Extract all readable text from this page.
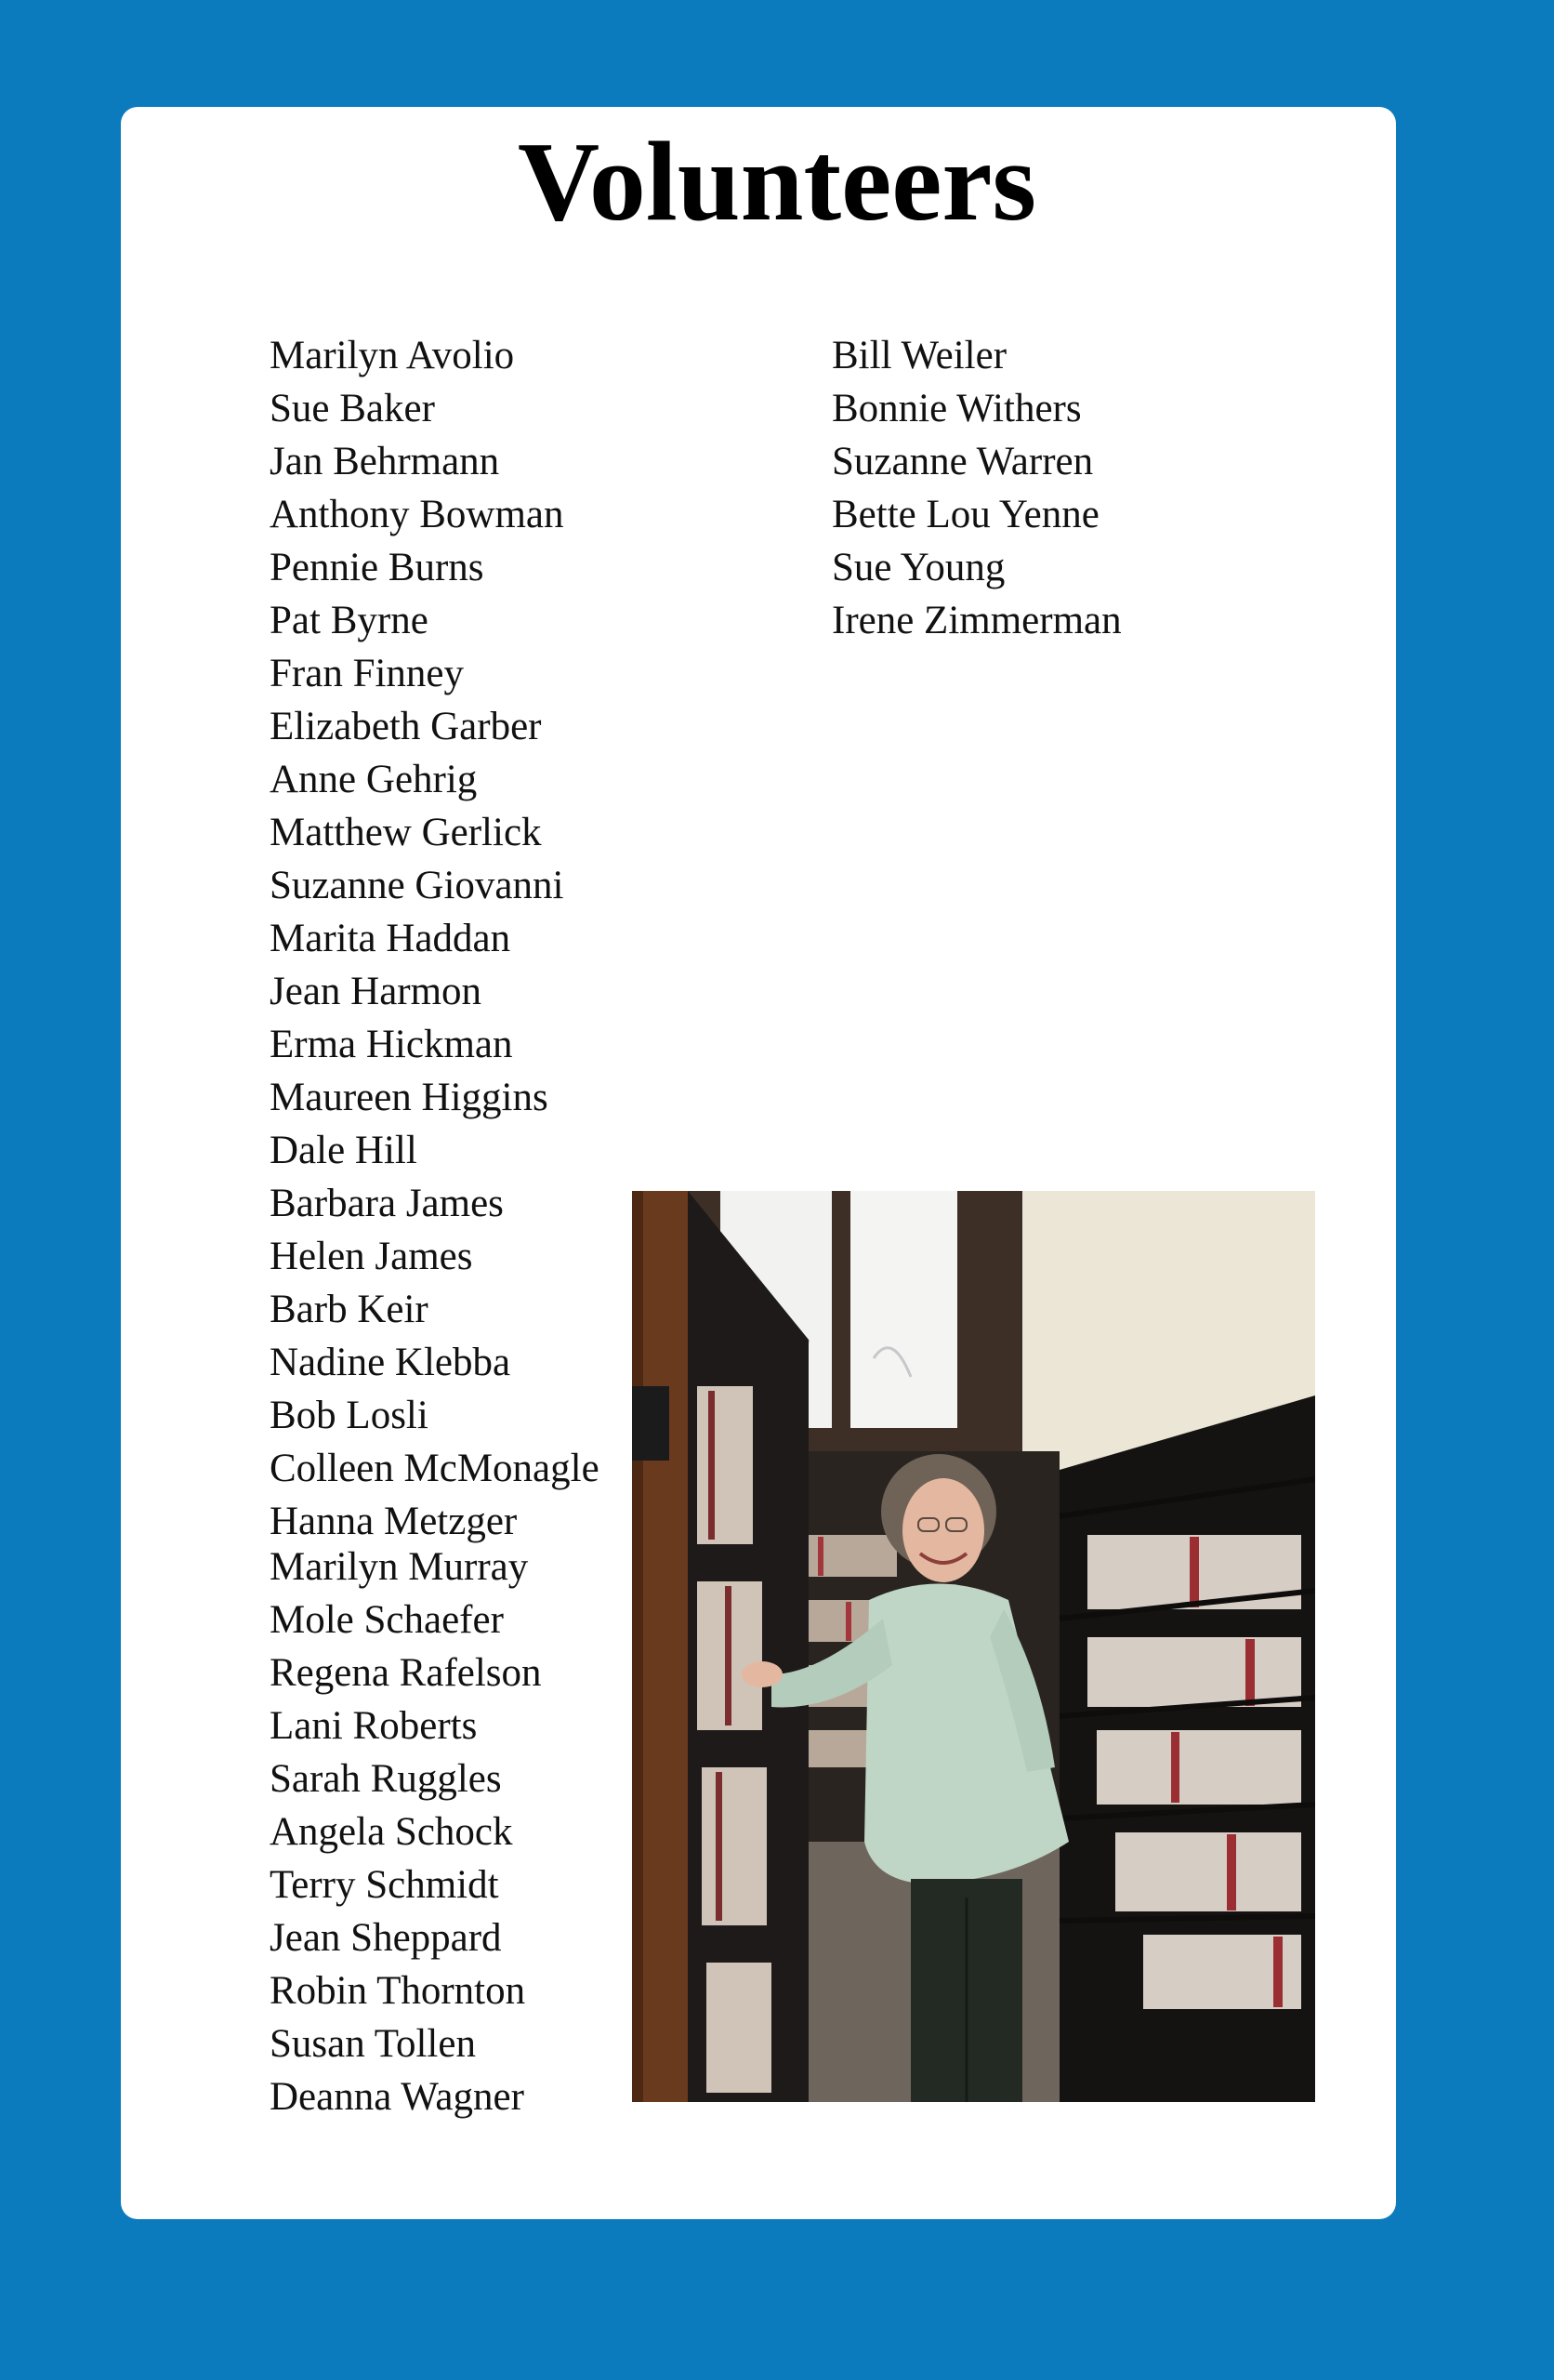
Volunteers
Marilyn Avolio
Sue Baker
Jan Behrmann
Anthony Bowman
Pennie Burns
Pat Byrne
Fran Finney
Elizabeth Garber
Anne Gehrig
Matthew Gerlick
Suzanne Giovanni
Marita Haddan
Jean Harmon
Erma Hickman
Maureen Higgins
Dale Hill
Barbara James
Helen James
Barb Keir
Nadine Klebba
Bob Losli
Colleen McMonagle
Hanna Metzger
Marilyn Murray
Mole Schaefer
Regena Rafelson
Lani Roberts
Sarah Ruggles
Angela Schock
Terry Schmidt
Jean Sheppard
Robin Thornton
Susan Tollen
Deanna Wagner
Bill Weiler
Bonnie Withers
Suzanne Warren
Bette Lou Yenne
Sue Young
Irene Zimmerman
